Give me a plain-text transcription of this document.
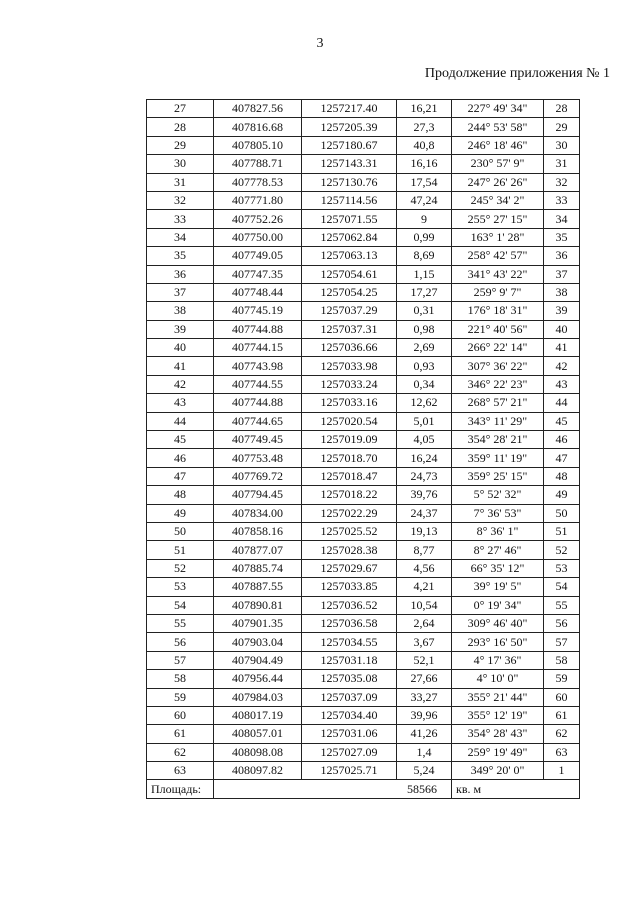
3
Продолжение приложения № 1
27	407827.56	1257217.40	16,21	227° 49' 34"	28
28	407816.68	1257205.39	27,3	244° 53' 58"	29
29	407805.10	1257180.67	40,8	246° 18' 46"	30
30	407788.71	1257143.31	16,16	230° 57' 9"	31
31	407778.53	1257130.76	17,54	247° 26' 26"	32
32	407771.80	1257114.56	47,24	245° 34' 2"	33
33	407752.26	1257071.55	9	255° 27' 15"	34
34	407750.00	1257062.84	0,99	163° 1' 28"	35
35	407749.05	1257063.13	8,69	258° 42' 57"	36
36	407747.35	1257054.61	1,15	341° 43' 22"	37
37	407748.44	1257054.25	17,27	259° 9' 7"	38
38	407745.19	1257037.29	0,31	176° 18' 31"	39
39	407744.88	1257037.31	0,98	221° 40' 56"	40
40	407744.15	1257036.66	2,69	266° 22' 14"	41
41	407743.98	1257033.98	0,93	307° 36' 22"	42
42	407744.55	1257033.24	0,34	346° 22' 23"	43
43	407744.88	1257033.16	12,62	268° 57' 21"	44
44	407744.65	1257020.54	5,01	343° 11' 29"	45
45	407749.45	1257019.09	4,05	354° 28' 21"	46
46	407753.48	1257018.70	16,24	359° 11' 19"	47
47	407769.72	1257018.47	24,73	359° 25' 15"	48
48	407794.45	1257018.22	39,76	5° 52' 32"	49
49	407834.00	1257022.29	24,37	7° 36' 53"	50
50	407858.16	1257025.52	19,13	8° 36' 1"	51
51	407877.07	1257028.38	8,77	8° 27' 46"	52
52	407885.74	1257029.67	4,56	66° 35' 12"	53
53	407887.55	1257033.85	4,21	39° 19' 5"	54
54	407890.81	1257036.52	10,54	0° 19' 34"	55
55	407901.35	1257036.58	2,64	309° 46' 40"	56
56	407903.04	1257034.55	3,67	293° 16' 50"	57
57	407904.49	1257031.18	52,1	4° 17' 36"	58
58	407956.44	1257035.08	27,66	4° 10' 0"	59
59	407984.03	1257037.09	33,27	355° 21' 44"	60
60	408017.19	1257034.40	39,96	355° 12' 19"	61
61	408057.01	1257031.06	41,26	354° 28' 43"	62
62	408098.08	1257027.09	1,4	259° 19' 49"	63
63	408097.82	1257025.71	5,24	349° 20' 0"	1
Площадь:	58566			кв. м	
